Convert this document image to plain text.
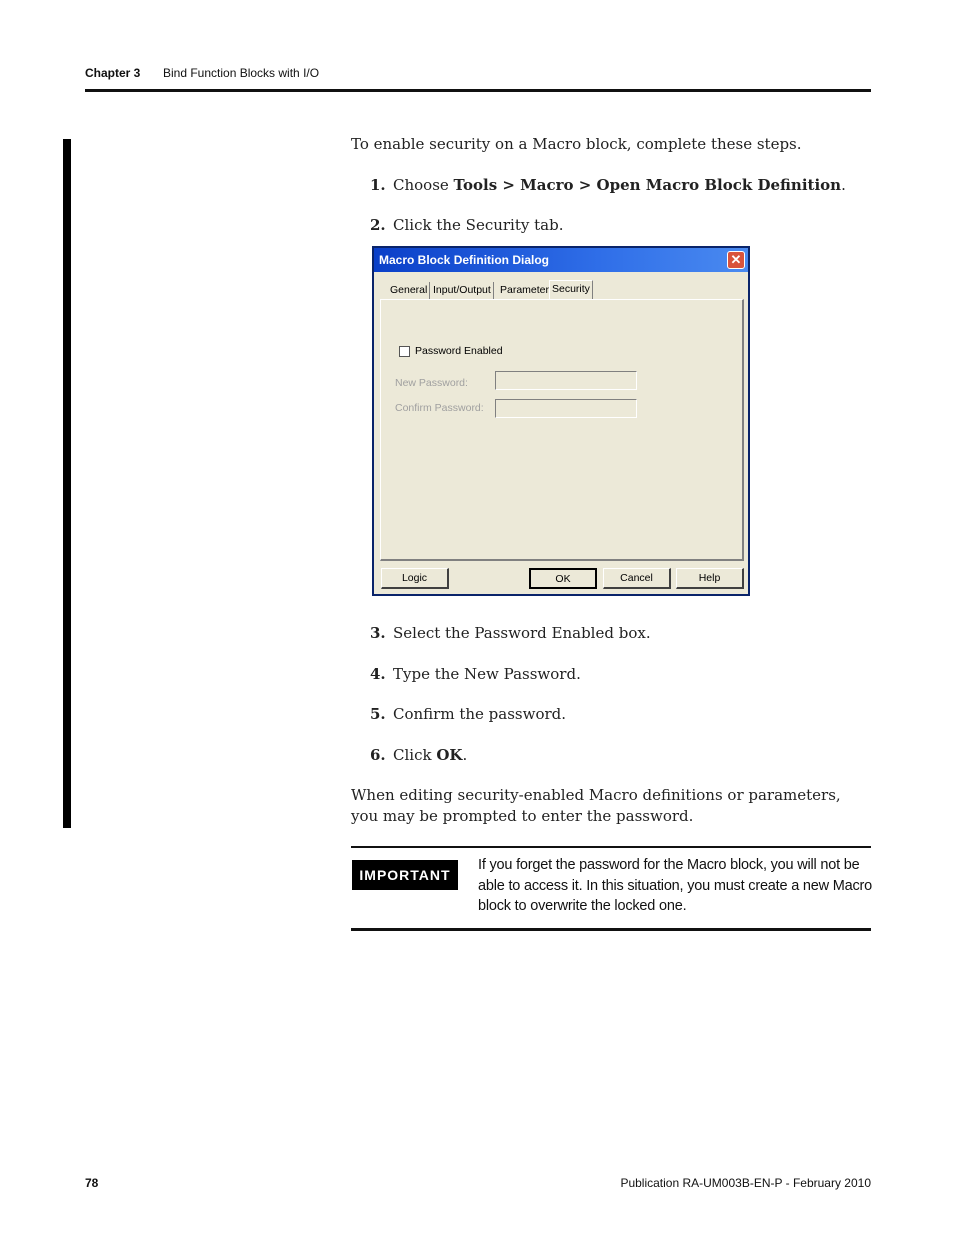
Chapter 3 Bind Function Blocks with I/O
To enable security on a Macro block, complete these steps.
1. Choose Tools > Macro > Open Macro Block Definition.
2. Click the Security tab.
Macro Block Definition Dialog	✕
General Input/Output Parameter Security
Password Enabled
New Password:
Confirm Password:
Logic	OK	Cancel	Help
3. Select the Password Enabled box.
4. Type the New Password.
5. Confirm the password.
6. Click OK.
When editing security-enabled Macro definitions or parameters, you may be prompted to enter the password.
IMPORTANT
If you forget the password for the Macro block, you will not be able to access it. In this situation, you must create a new Macro block to overwrite the locked one.
78	Publication RA-UM003B-EN-P - February 2010
